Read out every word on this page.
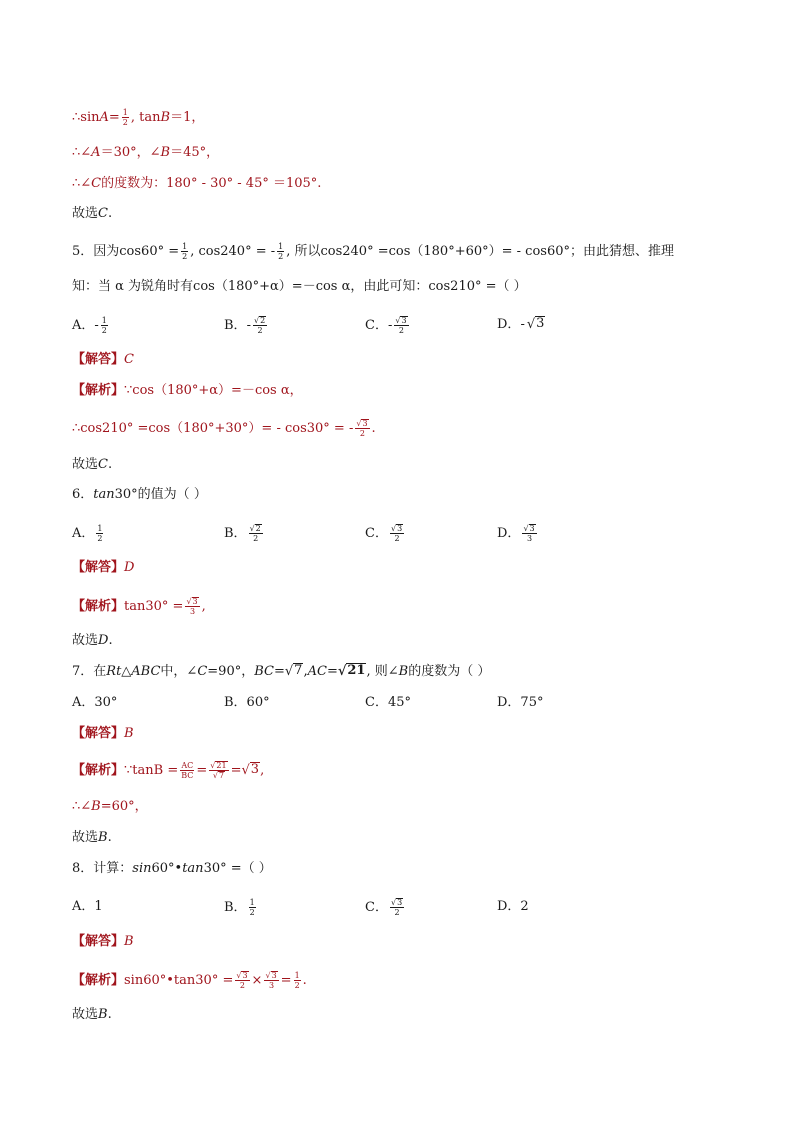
∴sin $A = \frac{1}{2}$ , tan B ＝1，
∴∠ A ＝30°，∠ B ＝45°，
∴∠ C 的度数为：180° - 30° - 45° ＝105°.
故选 C .
5．因为$\cos 60^\circ = \frac{1}{2}$ , cos240° = - $\frac{1}{2}$ , 所以cos240° =cos（180°+60°）= - cos60°；由此猜想、推理
知：当 α 为锐角时有cos（180°+α）=－cos α，由此可知：cos210° =（ ）
A． - $\frac{1}{2}$	B． - $\frac{√ 2}{2}$	C． - $\frac{√ 3}{2}$	D． - √ 3
【解答】 C
【解析】 ∵cos（180°+α）=－cos α，
∴cos210° =cos（180°+30°）= - cos30° = - $\frac{√ 3}{2}$ .
故选 C .
6． tan 30°的值为（ ）
A． $\frac{1}{2}$	B． $\frac{√ 2}{2}$	C． $\frac{√ 3}{2}$	D． $\frac{√ 3}{3}$
【解答】 D
【解析】 $\tan 30^\circ = \frac{√ 3}{3}$ ,
故选 D .
7．在 Rt△ABC 中，∠ C =90°， BC = √ 7 , AC = √ 21 , 则∠ B 的度数为（ ）
A．30°	B．60°	C．45°	D．75°
【解答】 B
【解析】 ∵tanB = $\frac{AC}{BC} = \frac{√ 21}{√ 7}$ = √ 3 ,
∴∠ B =60°，
故选 B .
8．计算： sin 60°• tan 30° =（ ）
A．1	B． $\frac{1}{2}$	C． $\frac{√ 3}{2}$	D．2
【解答】 B
【解析】 sin60°•tan30° = $\frac{√ 3}{2} \times \frac{√ 3}{3} = \frac{1}{2}$ .
故选 B .
